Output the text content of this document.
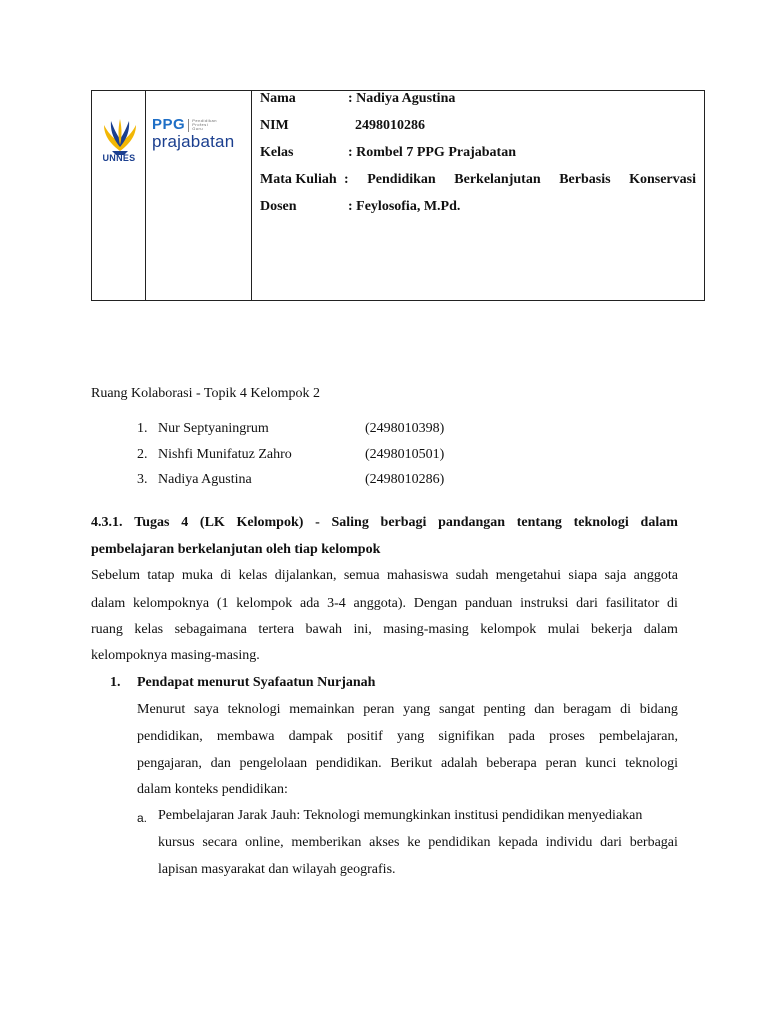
UNNES
PPG Pendidikan
Profesi
Guru
prajabatan
Nama	: Nadiya Agustina
NIM	2498010286
Kelas	: Rombel 7 PPG Prajabatan
Mata Kuliah : Pendidikan Berkelanjutan Berbasis Konservasi
Dosen	: Feylosofia, M.Pd.
Ruang Kolaborasi - Topik 4 Kelompok 2
1. Nur Septyaningrum	(2498010398)
2. Nishfi Munifatuz Zahro	(2498010501)
3. Nadiya Agustina	(2498010286)
4.3.1. Tugas 4 (LK Kelompok) - Saling berbagi pandangan tentang teknologi dalam
pembelajaran berkelanjutan oleh tiap kelompok
Sebelum tatap muka di kelas dijalankan, semua mahasiswa sudah mengetahui siapa saja anggota
dalam kelompoknya (1 kelompok ada 3-4 anggota). Dengan panduan instruksi dari fasilitator di
ruang kelas sebagaimana tertera bawah ini, masing-masing kelompok mulai bekerja dalam
kelompoknya masing-masing.
1. Pendapat menurut Syafaatun Nurjanah
Menurut saya teknologi memainkan peran yang sangat penting dan beragam di bidang
pendidikan, membawa dampak positif yang signifikan pada proses pembelajaran,
pengajaran, dan pengelolaan pendidikan. Berikut adalah beberapa peran kunci teknologi
dalam konteks pendidikan:
a. Pembelajaran Jarak Jauh: Teknologi memungkinkan institusi pendidikan menyediakan
kursus secara online, memberikan akses ke pendidikan kepada individu dari berbagai
lapisan masyarakat dan wilayah geografis.
